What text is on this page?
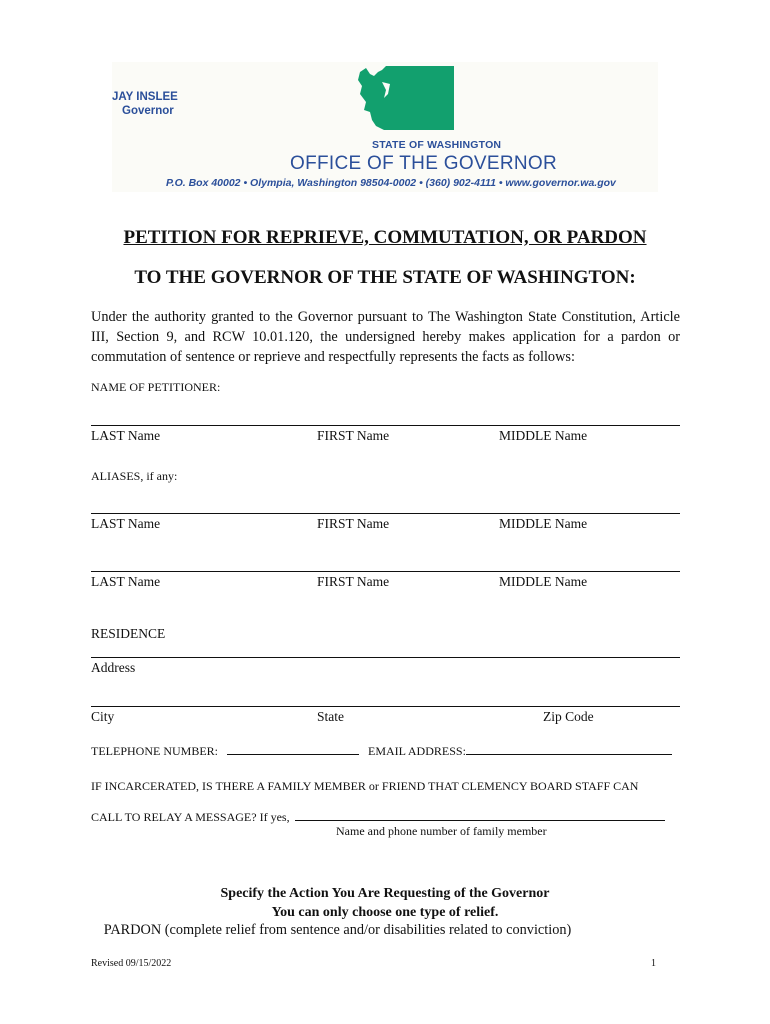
JAY INSLEE
Governor
STATE OF WASHINGTON
OFFICE OF THE GOVERNOR
P.O. Box 40002 • Olympia, Washington 98504-0002 • (360) 902-4111 • www.governor.wa.gov
PETITION FOR REPRIEVE, COMMUTATION, OR PARDON
TO THE GOVERNOR OF THE STATE OF WASHINGTON:
Under the authority granted to the Governor pursuant to The Washington State Constitution, Article III, Section 9, and RCW 10.01.120, the undersigned hereby makes application for a pardon or commutation of sentence or reprieve and respectfully represents the facts as follows:
NAME OF PETITIONER:
LAST Name	FIRST Name	MIDDLE Name
ALIASES, if any:
LAST Name	FIRST Name	MIDDLE Name
LAST Name	FIRST Name	MIDDLE Name
RESIDENCE
Address
City	State	Zip Code
TELEPHONE NUMBER:	EMAIL ADDRESS:
IF INCARCERATED, IS THERE A FAMILY MEMBER or FRIEND THAT CLEMENCY BOARD STAFF CAN
CALL TO RELAY A MESSAGE? If yes,
Name and phone number of family member
Specify the Action You Are Requesting of the Governor
You can only choose one type of relief.
PARDON (complete relief from sentence and/or disabilities related to conviction)
Revised 09/15/2022	1
